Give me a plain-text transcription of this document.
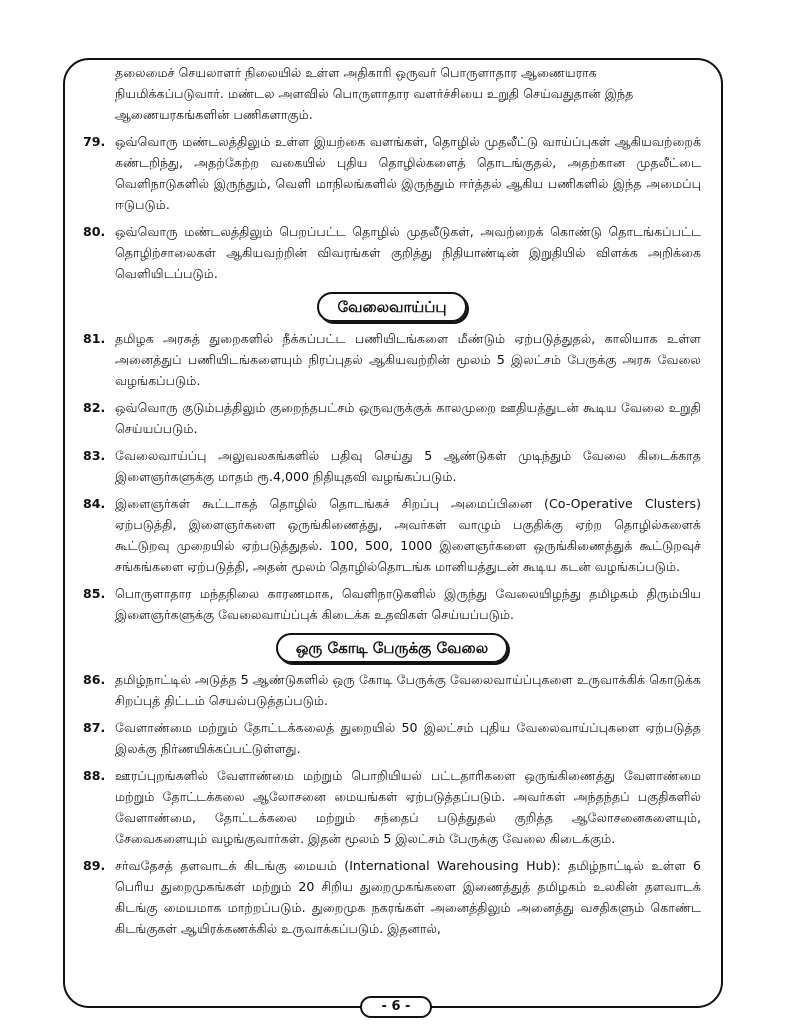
தலைமைச் செயலாளர் நிலையில் உள்ள அதிகாரி ஒருவர் பொருளாதார ஆணையராக நியமிக்கப்படுவார். மண்டல அளவில் பொருளாதார வளர்ச்சியை உறுதி செய்வதுதான் இந்த ஆணையரகங்களின் பணிகளாகும்.

79. ஒவ்வொரு மண்டலத்திலும் உள்ள இயற்கை வளங்கள், தொழில் முதலீட்டு வாய்ப்புகள் ஆகியவற்றைக் கண்டறிந்து, அதற்கேற்ற வகையில் புதிய தொழில்களைத் தொடங்குதல், அதற்கான முதலீட்டை வெளிநாடுகளில் இருந்தும், வெளி மாநிலங்களில் இருந்தும் ஈர்த்தல் ஆகிய பணிகளில் இந்த அமைப்பு ஈடுபடும்.
80. ஒவ்வொரு மண்டலத்திலும் பெறப்பட்ட தொழில் முதலீடுகள், அவற்றைக் கொண்டு தொடங்கப்பட்ட தொழிற்சாலைகள் ஆகியவற்றின் விவரங்கள் குறித்து நிதியாண்டின் இறுதியில் விளக்க அறிக்கை வெளியிடப்படும்.
வேலைவாய்ப்பு
81. தமிழக அரசுத் துறைகளில் நீக்கப்பட்ட பணியிடங்களை மீண்டும் ஏற்படுத்துதல், காலியாக உள்ள அனைத்துப் பணியிடங்களையும் நிரப்புதல் ஆகியவற்றின் மூலம் 5 இலட்சம் பேருக்கு அரசு வேலை வழங்கப்படும்.
82. ஒவ்வொரு குடும்பத்திலும் குறைந்தபட்சம் ஒருவருக்குக் காலமுறை ஊதியத்துடன் கூடிய வேலை உறுதி செய்யப்படும்.
83. வேலைவாய்ப்பு அலுவலகங்களில் பதிவு செய்து 5 ஆண்டுகள் முடிந்தும் வேலை கிடைக்காத இளைஞர்களுக்கு மாதம் ரூ.4,000 நிதியுதவி வழங்கப்படும்.
84. இளைஞர்கள் கூட்டாகத் தொழில் தொடங்கச் சிறப்பு அமைப்பினை (Co-Operative Clusters) ஏற்படுத்தி, இளைஞர்களை ஒருங்கிணைத்து, அவர்கள் வாழும் பகுதிக்கு ஏற்ற தொழில்களைக் கூட்டுறவு முறையில் ஏற்படுத்துதல். 100, 500, 1000 இளைஞர்களை ஒருங்கிணைத்துக் கூட்டுறவுச் சங்கங்களை ஏற்படுத்தி, அதன் மூலம் தொழில்தொடங்க மானியத்துடன் கூடிய கடன் வழங்கப்படும்.
85. பொருளாதார மந்தநிலை காரணமாக, வெளிநாடுகளில் இருந்து வேலையிழந்து தமிழகம் திரும்பிய இளைஞர்களுக்கு வேலைவாய்ப்புக் கிடைக்க உதவிகள் செய்யப்படும்.
ஒரு கோடி பேருக்கு வேலை
86. தமிழ்நாட்டில் அடுத்த 5 ஆண்டுகளில் ஒரு கோடி பேருக்கு வேலைவாய்ப்புகளை உருவாக்கிக் கொடுக்க சிறப்புத் திட்டம் செயல்படுத்தப்படும்.
87. வேளாண்மை மற்றும் தோட்டக்கலைத் துறையில் 50 இலட்சம் புதிய வேலைவாய்ப்புகளை ஏற்படுத்த இலக்கு நிர்ணயிக்கப்பட்டுள்ளது.
88. ஊரப்புறங்களில் வேளாண்மை மற்றும் பொறியியல் பட்டதாரிகளை ஒருங்கிணைத்து வேளாண்மை மற்றும் தோட்டக்கலை ஆலோசனை மையங்கள் ஏற்படுத்தப்படும். அவர்கள் அந்தந்தப் பகுதிகளில் வேளாண்மை, தோட்டக்கலை மற்றும் சந்தைப் படுத்துதல் குறித்த ஆலோசனைகளையும், சேவைகளையும் வழங்குவார்கள். இதன் மூலம் 5 இலட்சம் பேருக்கு வேலை கிடைக்கும்.
89. சர்வதேசத் தளவாடக் கிடங்கு மையம் (International Warehousing Hub): தமிழ்நாட்டில் உள்ள 6 பெரிய துறைமுகங்கள் மற்றும் 20 சிறிய துறைமுகங்களை இணைத்துத் தமிழகம் உலகின் தளவாடக் கிடங்கு மையமாக மாற்றப்படும். துறைமுக நகரங்கள் அனைத்திலும் அனைத்து வசதிகளும் கொண்ட கிடங்குகள் ஆயிரக்கணக்கில் உருவாக்கப்படும். இதனால்,
- 6 -
